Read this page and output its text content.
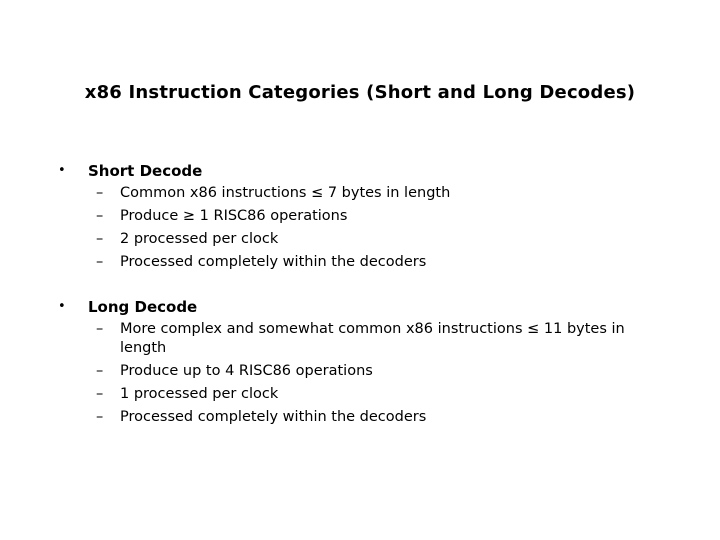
x86 Instruction Categories (Short and Long Decodes)
• Short Decode
– Common x86 instructions ≤ 7 bytes in length
– Produce ≥ 1 RISC86 operations
– 2 processed per clock
– Processed completely within the decoders
• Long Decode
– More complex and somewhat common x86 instructions ≤ 11 bytes in length
– Produce up to 4 RISC86 operations
– 1 processed per clock
– Processed completely within the decoders
